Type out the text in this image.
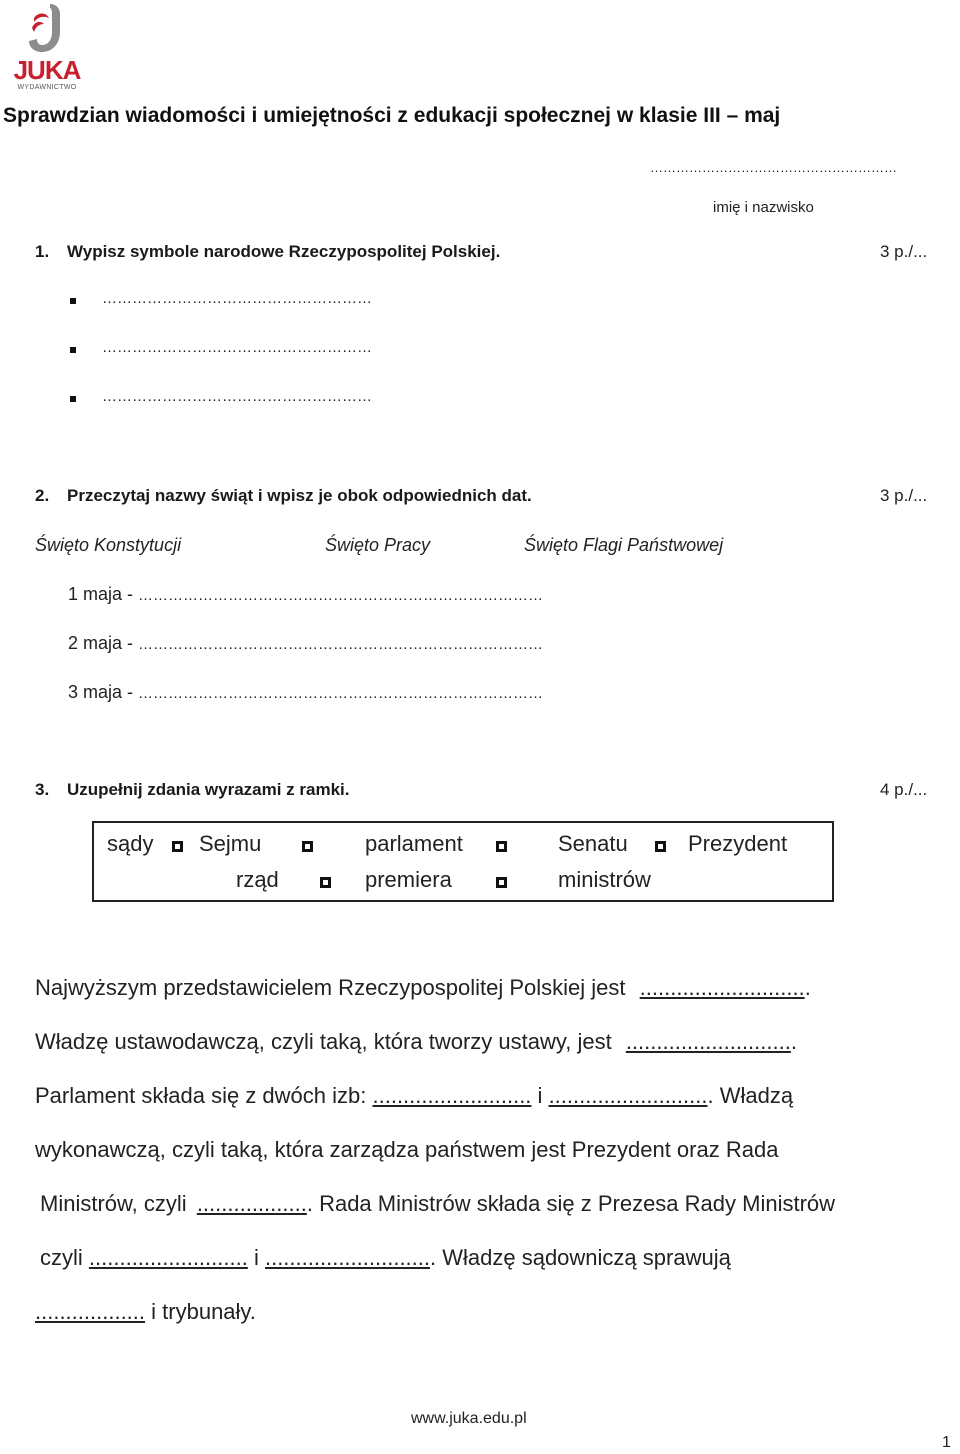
JUKA
WYDAWNICTWO
Sprawdzian wiadomości i umiejętności z edukacji społecznej w klasie III – maj
…………………………………………………
imię i nazwisko
1. Wypisz symbole narodowe Rzeczypospolitej Polskiej.	3 p./...
………………………………………………
………………………………………………
………………………………………………
2. Przeczytaj nazwy świąt i wpisz je obok odpowiednich dat.	3 p./...
Święto Konstytucji	Święto Pracy	Święto Flagi Państwowej
1 maja - ………………………………………………………………………
2 maja - ………………………………………………………………………
3 maja - ………………………………………………………………………
3. Uzupełnij zdania wyrazami z ramki.	4 p./...
sądy Sejmu	parlament	Senatu	Prezydent
rząd	premiera	ministrów
Najwyższym przedstawicielem Rzeczypospolitej Polskiej jest ............................
Władzę ustawodawczą, czyli taką, która tworzy ustawy, jest ............................
Parlament składa się z dwóch izb: .......................... i ........................... Władzą
wykonawczą, czyli taką, która zarządza państwem jest Prezydent oraz Rada
Ministrów, czyli ................... Rada Ministrów składa się z Prezesa Rady Ministrów
czyli .......................... i ............................ Władzę sądowniczą sprawują
.................. i trybunały.
www.juka.edu.pl
1
